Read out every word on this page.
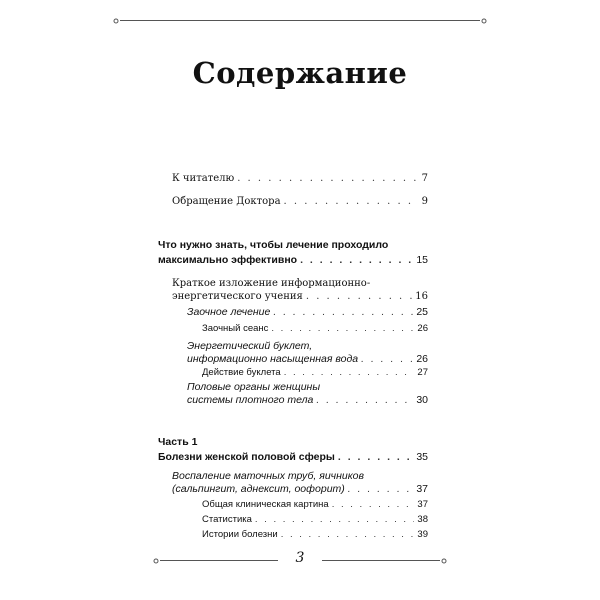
Содержание
К читателю . . .	7
Обращение Доктора . . .	9
Что нужно знать, чтобы лечение проходило
максимально эффективно . . .	15
Краткое изложение информационно-
энергетического учения . . .	16
Заочное лечение . . .	25
Заочный сеанс . . .	26
Энергетический буклет,
информационно насыщенная вода . . .	26
Действие буклета . . .	27
Половые органы женщины
системы плотного тела . . .	30
Часть 1
Болезни женской половой сферы . . .	35
Воспаление маточных труб, яичников
(сальпингит, аднексит, оофорит) . . .	37
Общая клиническая картина . . .	37
Статистика . . .	38
Истории болезни . . .	39
3
